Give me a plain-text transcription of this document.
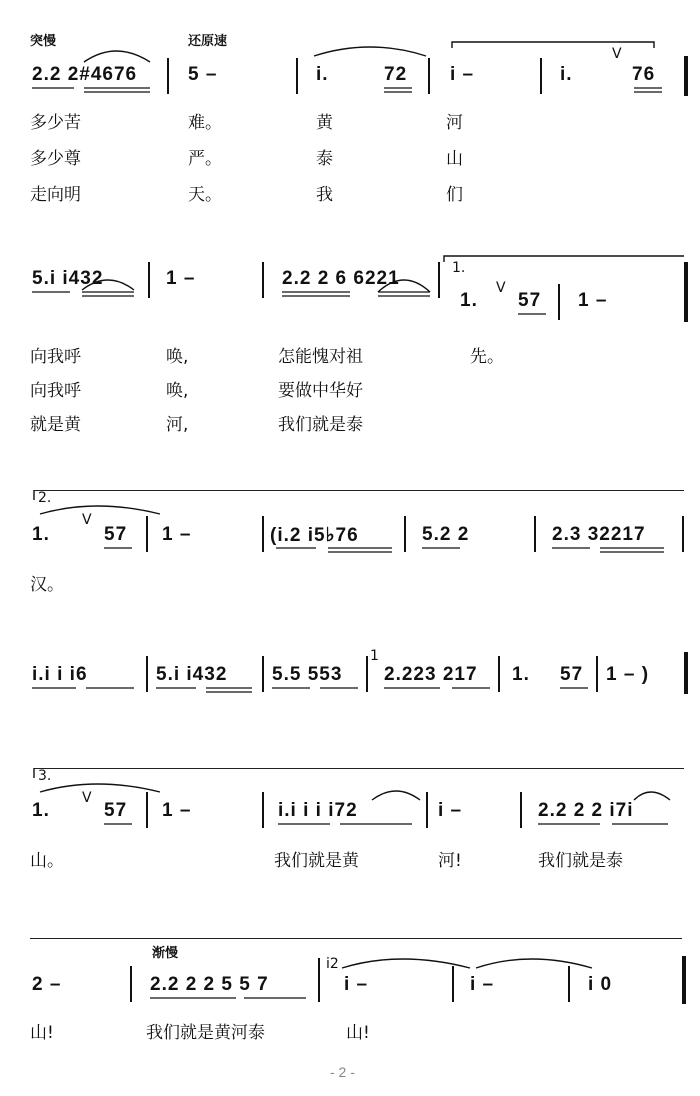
突慢	还原速
2.2 2#4676	5 –	i.	72 i –	i.
V
76
多少苦	难。	黄	河
多少尊	严。	泰	山
走向明	天。	我	们
5.i i432	1 –	2.2 2 6 6221	1.
1.
V
57 1 –
向我呼	唤,	怎能愧对祖	先。
向我呼	唤,	要做中华好
就是黄	河,	我们就是泰
2.
1.
V
57 1 –	(i.2 i5♭76	5.2 2	2.3 32217
汉。
i.i i i6	5.i i432 5.5 553
1
2.223 217 1. 57 1 – )
3.
1.
V
57 1 –	i.i i i i72	i –	2.2 2 2 i7i
山。	我们就是黄	河!	我们就是泰
渐慢
2 –	2.2 2 2 5 5 7
i2
i –	i –	i 0
山!	我们就是黄河泰	山!
- 2 -
